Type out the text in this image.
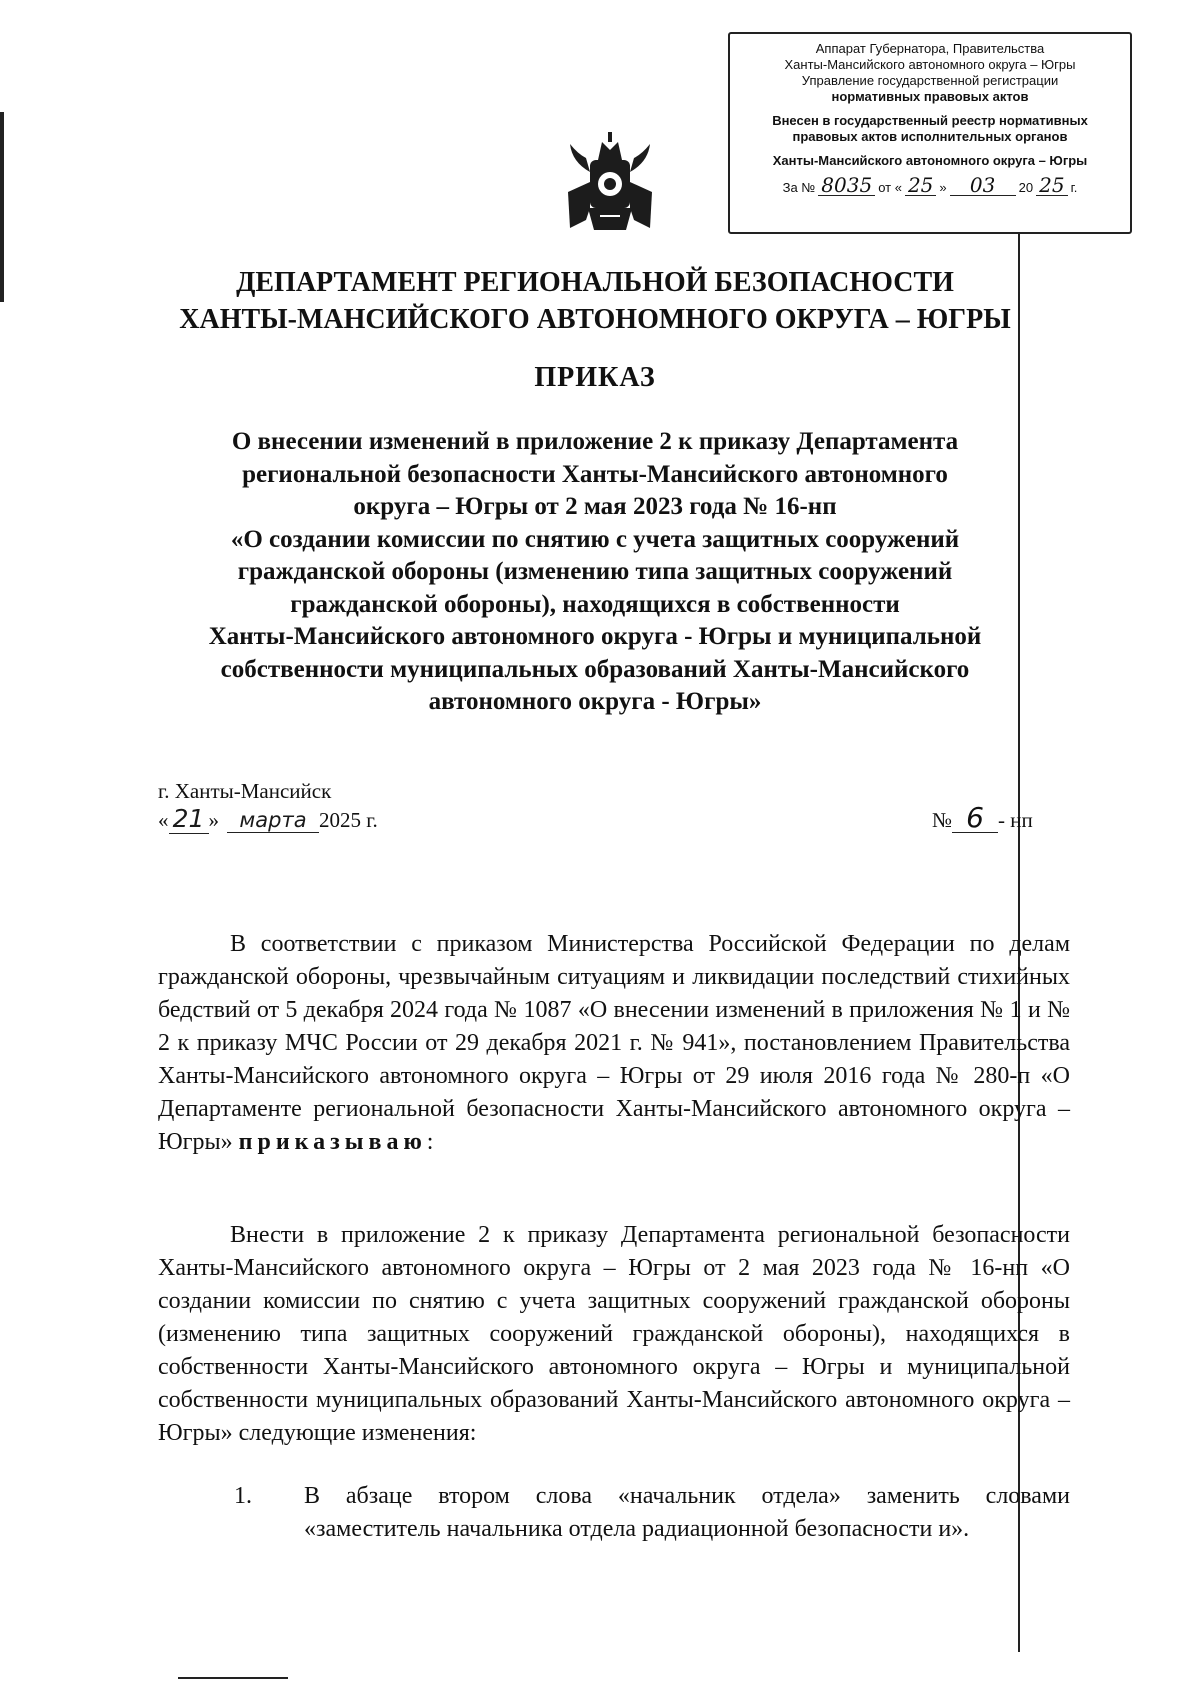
Аппарат Губернатора, Правительства
Ханты-Мансийского автономного округа – Югры
Управление государственной регистрации
нормативных правовых актов
Внесен в государственный реестр нормативных
правовых актов исполнительных органов
Ханты-Мансийского автономного округа – Югры
За № 8035 от « 25 »	03	20 25 г.
ДЕПАРТАМЕНТ РЕГИОНАЛЬНОЙ БЕЗОПАСНОСТИ
ХАНТЫ-МАНСИЙСКОГО АВТОНОМНОГО ОКРУГА – ЮГРЫ
ПРИКАЗ
О внесении изменений в приложение 2 к приказу Департамента
региональной безопасности Ханты-Мансийского автономного
округа – Югры от 2 мая 2023 года № 16-нп
«О создании комиссии по снятию с учета защитных сооружений
гражданской обороны (изменению типа защитных сооружений
гражданской обороны), находящихся в собственности
Ханты-Мансийского автономного округа - Югры и муниципальной
собственности муниципальных образований Ханты-Мансийского
автономного округа - Югры»
г. Ханты-Мансийск
« 21 » марта 2025 г.	№ 6 - нп
В соответствии с приказом Министерства Российской Федерации по делам гражданской обороны, чрезвычайным ситуациям и ликвидации последствий стихийных бедствий от 5 декабря 2024 года № 1087 «О внесении изменений в приложения № 1 и № 2 к приказу МЧС России от 29 декабря 2021 г. № 941», постановлением Правительства Ханты-Мансийского автономного округа – Югры от 29 июля 2016 года № 280-п «О Департаменте региональной безопасности Ханты-Мансийского автономного округа – Югры» приказываю:
Внести в приложение 2 к приказу Департамента региональной безопасности Ханты-Мансийского автономного округа – Югры от 2 мая 2023 года № 16-нп «О создании комиссии по снятию с учета защитных сооружений гражданской обороны (изменению типа защитных сооружений гражданской обороны), находящихся в собственности Ханты-Мансийского автономного округа – Югры и муниципальной собственности муниципальных образований Ханты-Мансийского автономного округа – Югры» следующие изменения:
1.	В абзаце втором слова «начальник отдела» заменить словами «заместитель начальника отдела радиационной безопасности и».
